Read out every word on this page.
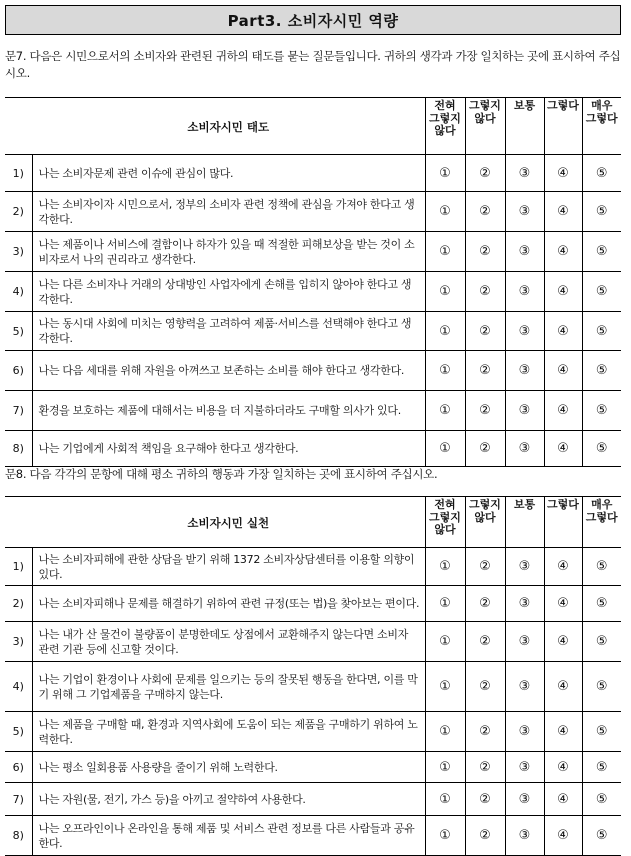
Part3. 소비자시민 역량
문7. 다음은 시민으로서의 소비자와 관련된 귀하의 태도를 묻는 질문들입니다. 귀하의 생각과 가장 일치하는 곳에 표시하여 주십시오.
	소비자시민 태도	전혀
그렇지
않다	그렇지
않다	보통	그렇다	매우
그렇다
1)	나는 소비자문제 관련 이슈에 관심이 많다.	①	②	③	④	⑤
2)	나는 소비자이자 시민으로서, 정부의 소비자 관련 정책에 관심을 가져야 한다고 생각한다.	①	②	③	④	⑤
3)	나는 제품이나 서비스에 결함이나 하자가 있을 때 적절한 피해보상을 받는 것이 소비자로서 나의 권리라고 생각한다.	①	②	③	④	⑤
4)	나는 다른 소비자나 거래의 상대방인 사업자에게 손해를 입히지 않아야 한다고 생각한다.	①	②	③	④	⑤
5)	나는 동시대 사회에 미치는 영향력을 고려하여 제품·서비스를 선택해야 한다고 생각한다.	①	②	③	④	⑤
6)	나는 다음 세대를 위해 자원을 아껴쓰고 보존하는 소비를 해야 한다고 생각한다.	①	②	③	④	⑤
7)	환경을 보호하는 제품에 대해서는 비용을 더 지불하더라도 구매할 의사가 있다.	①	②	③	④	⑤
8)	나는 기업에게 사회적 책임을 요구해야 한다고 생각한다.	①	②	③	④	⑤
문8. 다음 각각의 문항에 대해 평소 귀하의 행동과 가장 일치하는 곳에 표시하여 주십시오.
	소비자시민 실천	전혀
그렇지
않다	그렇지
않다	보통	그렇다	매우
그렇다
1)	나는 소비자피해에 관한 상담을 받기 위해 1372 소비자상담센터를 이용할 의향이 있다.	①	②	③	④	⑤
2)	나는 소비자피해나 문제를 해결하기 위하여 관련 규정(또는 법)을 찾아보는 편이다.	①	②	③	④	⑤
3)	나는 내가 산 물건이 불량품이 분명한데도 상점에서 교환해주지 않는다면 소비자 관련 기관 등에 신고할 것이다.	①	②	③	④	⑤
4)	나는 기업이 환경이나 사회에 문제를 일으키는 등의 잘못된 행동을 한다면, 이를 막기 위해 그 기업제품을 구매하지 않는다.	①	②	③	④	⑤
5)	나는 제품을 구매할 때, 환경과 지역사회에 도움이 되는 제품을 구매하기 위하여 노력한다.	①	②	③	④	⑤
6)	나는 평소 일회용품 사용량을 줄이기 위해 노력한다.	①	②	③	④	⑤
7)	나는 자원(물, 전기, 가스 등)을 아끼고 절약하여 사용한다.	①	②	③	④	⑤
8)	나는 오프라인이나 온라인을 통해 제품 및 서비스 관련 정보를 다른 사람들과 공유한다.	①	②	③	④	⑤
